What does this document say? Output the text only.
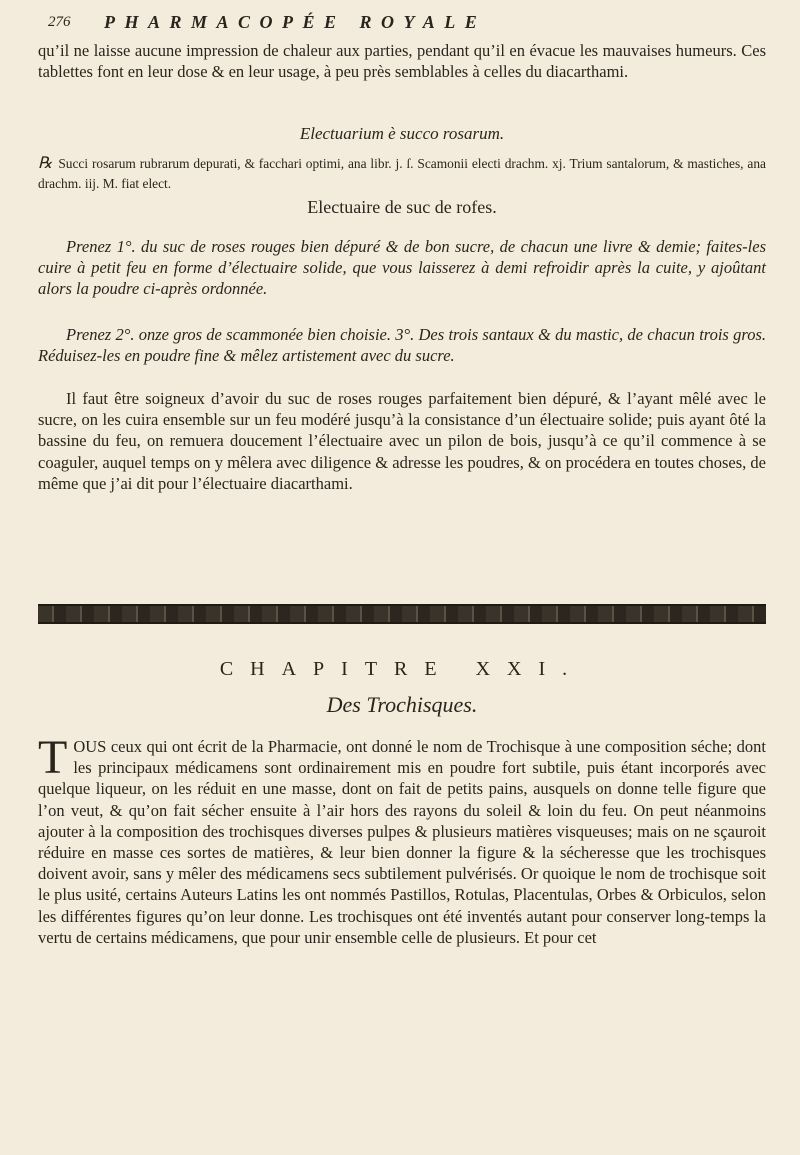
276 PHARMACOPÉE ROYALE

qu’il ne laisse aucune impression de chaleur aux parties, pendant qu’il en évacue les mauvaises humeurs. Ces tablettes font en leur dose & en leur usage, à peu près semblables à celles du diacarthami.

Electuarium è succo rosarum.

℞ Succi rosarum rubrarum depurati, & facchari optimi, ana libr. j. ſ. Scamonii electi drachm. xj. Trium santalorum, & mastiches, ana drachm. iij. M. fiat elect.

Electuaire de suc de rofes.

Prenez 1°. du suc de roses rouges bien dépuré & de bon sucre, de chacun une livre & demie; faites-les cuire à petit feu en forme d’électuaire solide, que vous laisserez à demi refroidir après la cuite, y ajoûtant alors la poudre ci-après ordonnée.

Prenez 2°. onze gros de scammonée bien choisie. 3°. Des trois santaux & du mastic, de chacun trois gros. Réduisez-les en poudre fine & mêlez artistement avec du sucre.

Il faut être soigneux d’avoir du suc de roses rouges parfaitement bien dépuré, & l’ayant mêlé avec le sucre, on les cuira ensemble sur un feu modéré jusqu’à la consistance d’un électuaire solide; puis ayant ôté la bassine du feu, on remuera doucement l’électuaire avec un pilon de bois, jusqu’à ce qu’il commence à se coaguler, auquel temps on y mêlera avec diligence & adresse les poudres, & on procédera en toutes choses, de même que j’ai dit pour l’électuaire diacarthami.

CHAPITRE XXI.
Des Trochisques.
TOUS ceux qui ont écrit de la Pharmacie, ont donné le nom de Trochisque à une composition séche; dont les principaux médicamens sont ordinairement mis en poudre fort subtile, puis étant incorporés avec quelque liqueur, on les réduit en une masse, dont on fait de petits pains, ausquels on donne telle figure que l’on veut, & qu’on fait sécher ensuite à l’air hors des rayons du soleil & loin du feu. On peut néanmoins ajouter à la composition des trochisques diverses pulpes & plusieurs matières visqueuses; mais on ne sçauroit réduire en masse ces sortes de matières, & leur bien donner la figure & la sécheresse que les trochisques doivent avoir, sans y mêler des médicamens secs subtilement pulvérisés. Or quoique le nom de trochisque soit le plus usité, certains Auteurs Latins les ont nommés Pastillos, Rotulas, Placentulas, Orbes & Orbiculos, selon les différentes figures qu’on leur donne. Les trochisques ont été inventés autant pour conserver long-temps la vertu de certains médicamens, que pour unir ensemble celle de plusieurs. Et pour cet
